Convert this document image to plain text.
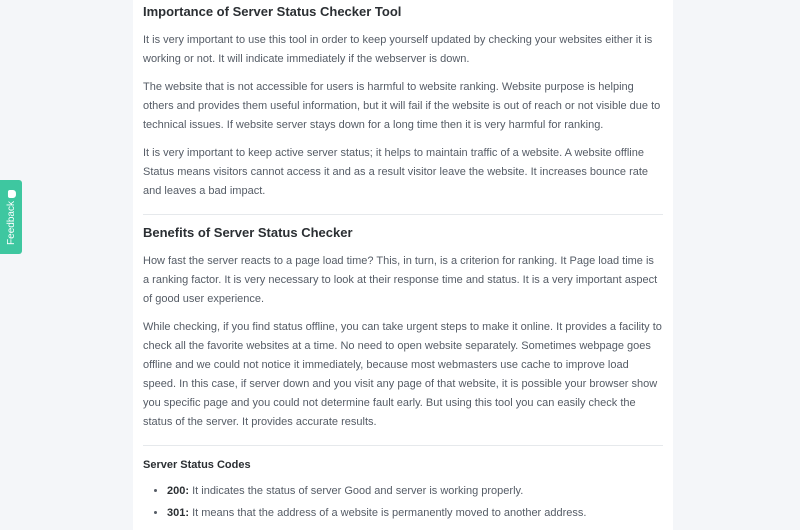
Importance of Server Status Checker Tool

It is very important to use this tool in order to keep yourself updated by checking your websites either it is working or not. It will indicate immediately if the webserver is down.

The website that is not accessible for users is harmful to website ranking. Website purpose is helping others and provides them useful information, but it will fail if the website is out of reach or not visible due to technical issues. If website server stays down for a long time then it is very harmful for ranking.

It is very important to keep active server status; it helps to maintain traffic of a website. A website offline Status means visitors cannot access it and as a result visitor leave the website. It increases bounce rate and leaves a bad impact.

Benefits of Server Status Checker

How fast the server reacts to a page load time? This, in turn, is a criterion for ranking. It Page load time is a ranking factor. It is very necessary to look at their response time and status. It is a very important aspect of good user experience.

While checking, if you find status offline, you can take urgent steps to make it online. It provides a facility to check all the favorite websites at a time. No need to open website separately. Sometimes webpage goes offline and we could not notice it immediately, because most webmasters use cache to improve load speed. In this case, if server down and you visit any page of that website, it is possible your browser show you specific page and you could not determine fault early. But using this tool you can easily check the status of the server. It provides accurate results.

Server Status Codes
• 200: It indicates the status of server Good and server is working properly.
• 301: It means that the address of a website is permanently moved to another address.
Feedback
